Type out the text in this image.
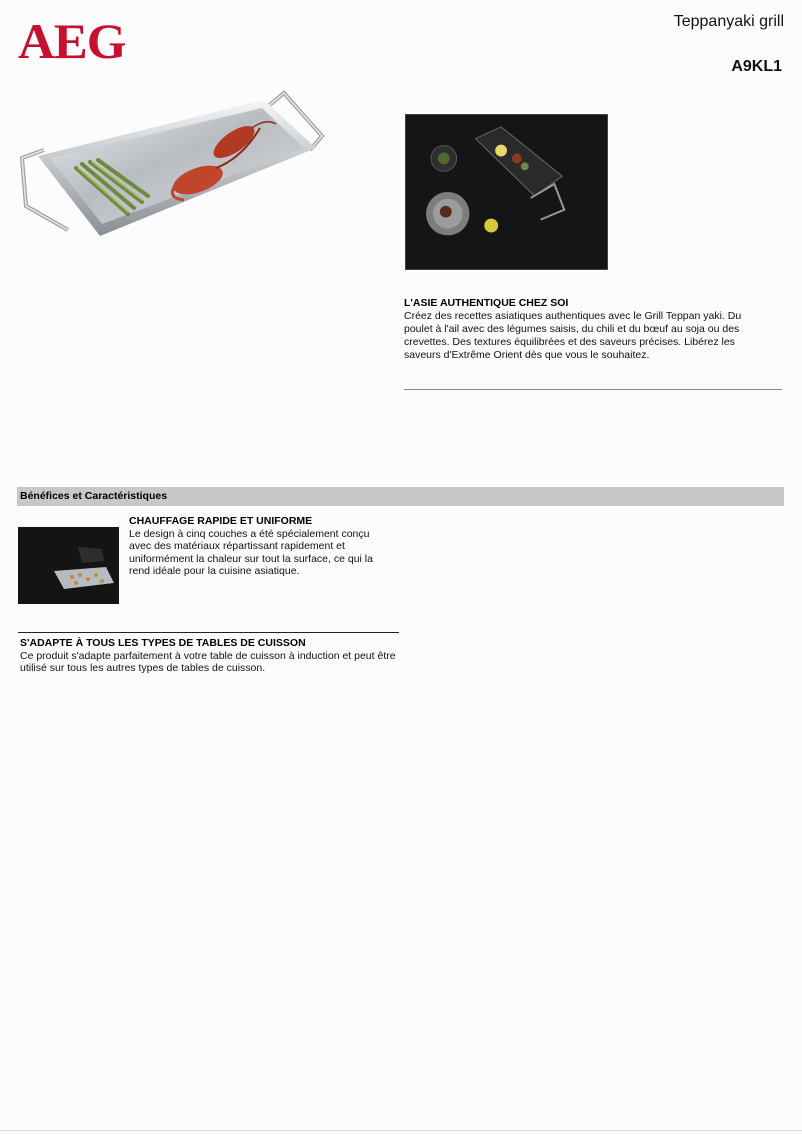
AEG	Teppanyaki grill
A9KL1
L'ASIE AUTHENTIQUE CHEZ SOI
Créez des recettes asiatiques authentiques avec le Grill Teppan yaki. Du poulet à l'ail avec des légumes saisis, du chili et du bœuf au soja ou des crevettes. Des textures équilibrées et des saveurs précises. Libérez les saveurs d'Extrême Orient dès que vous le souhaitez.
Bénéfices et Caractéristiques
CHAUFFAGE RAPIDE ET UNIFORME
Le design à cinq couches a été spécialement conçu avec des matériaux répartissant rapidement et uniformément la chaleur sur tout la surface, ce qui la rend idéale pour la cuisine asiatique.
S'ADAPTE À TOUS LES TYPES DE TABLES DE CUISSON
Ce produit s'adapte parfaitement à votre table de cuisson à induction et peut être utilisé sur tous les autres types de tables de cuisson.
